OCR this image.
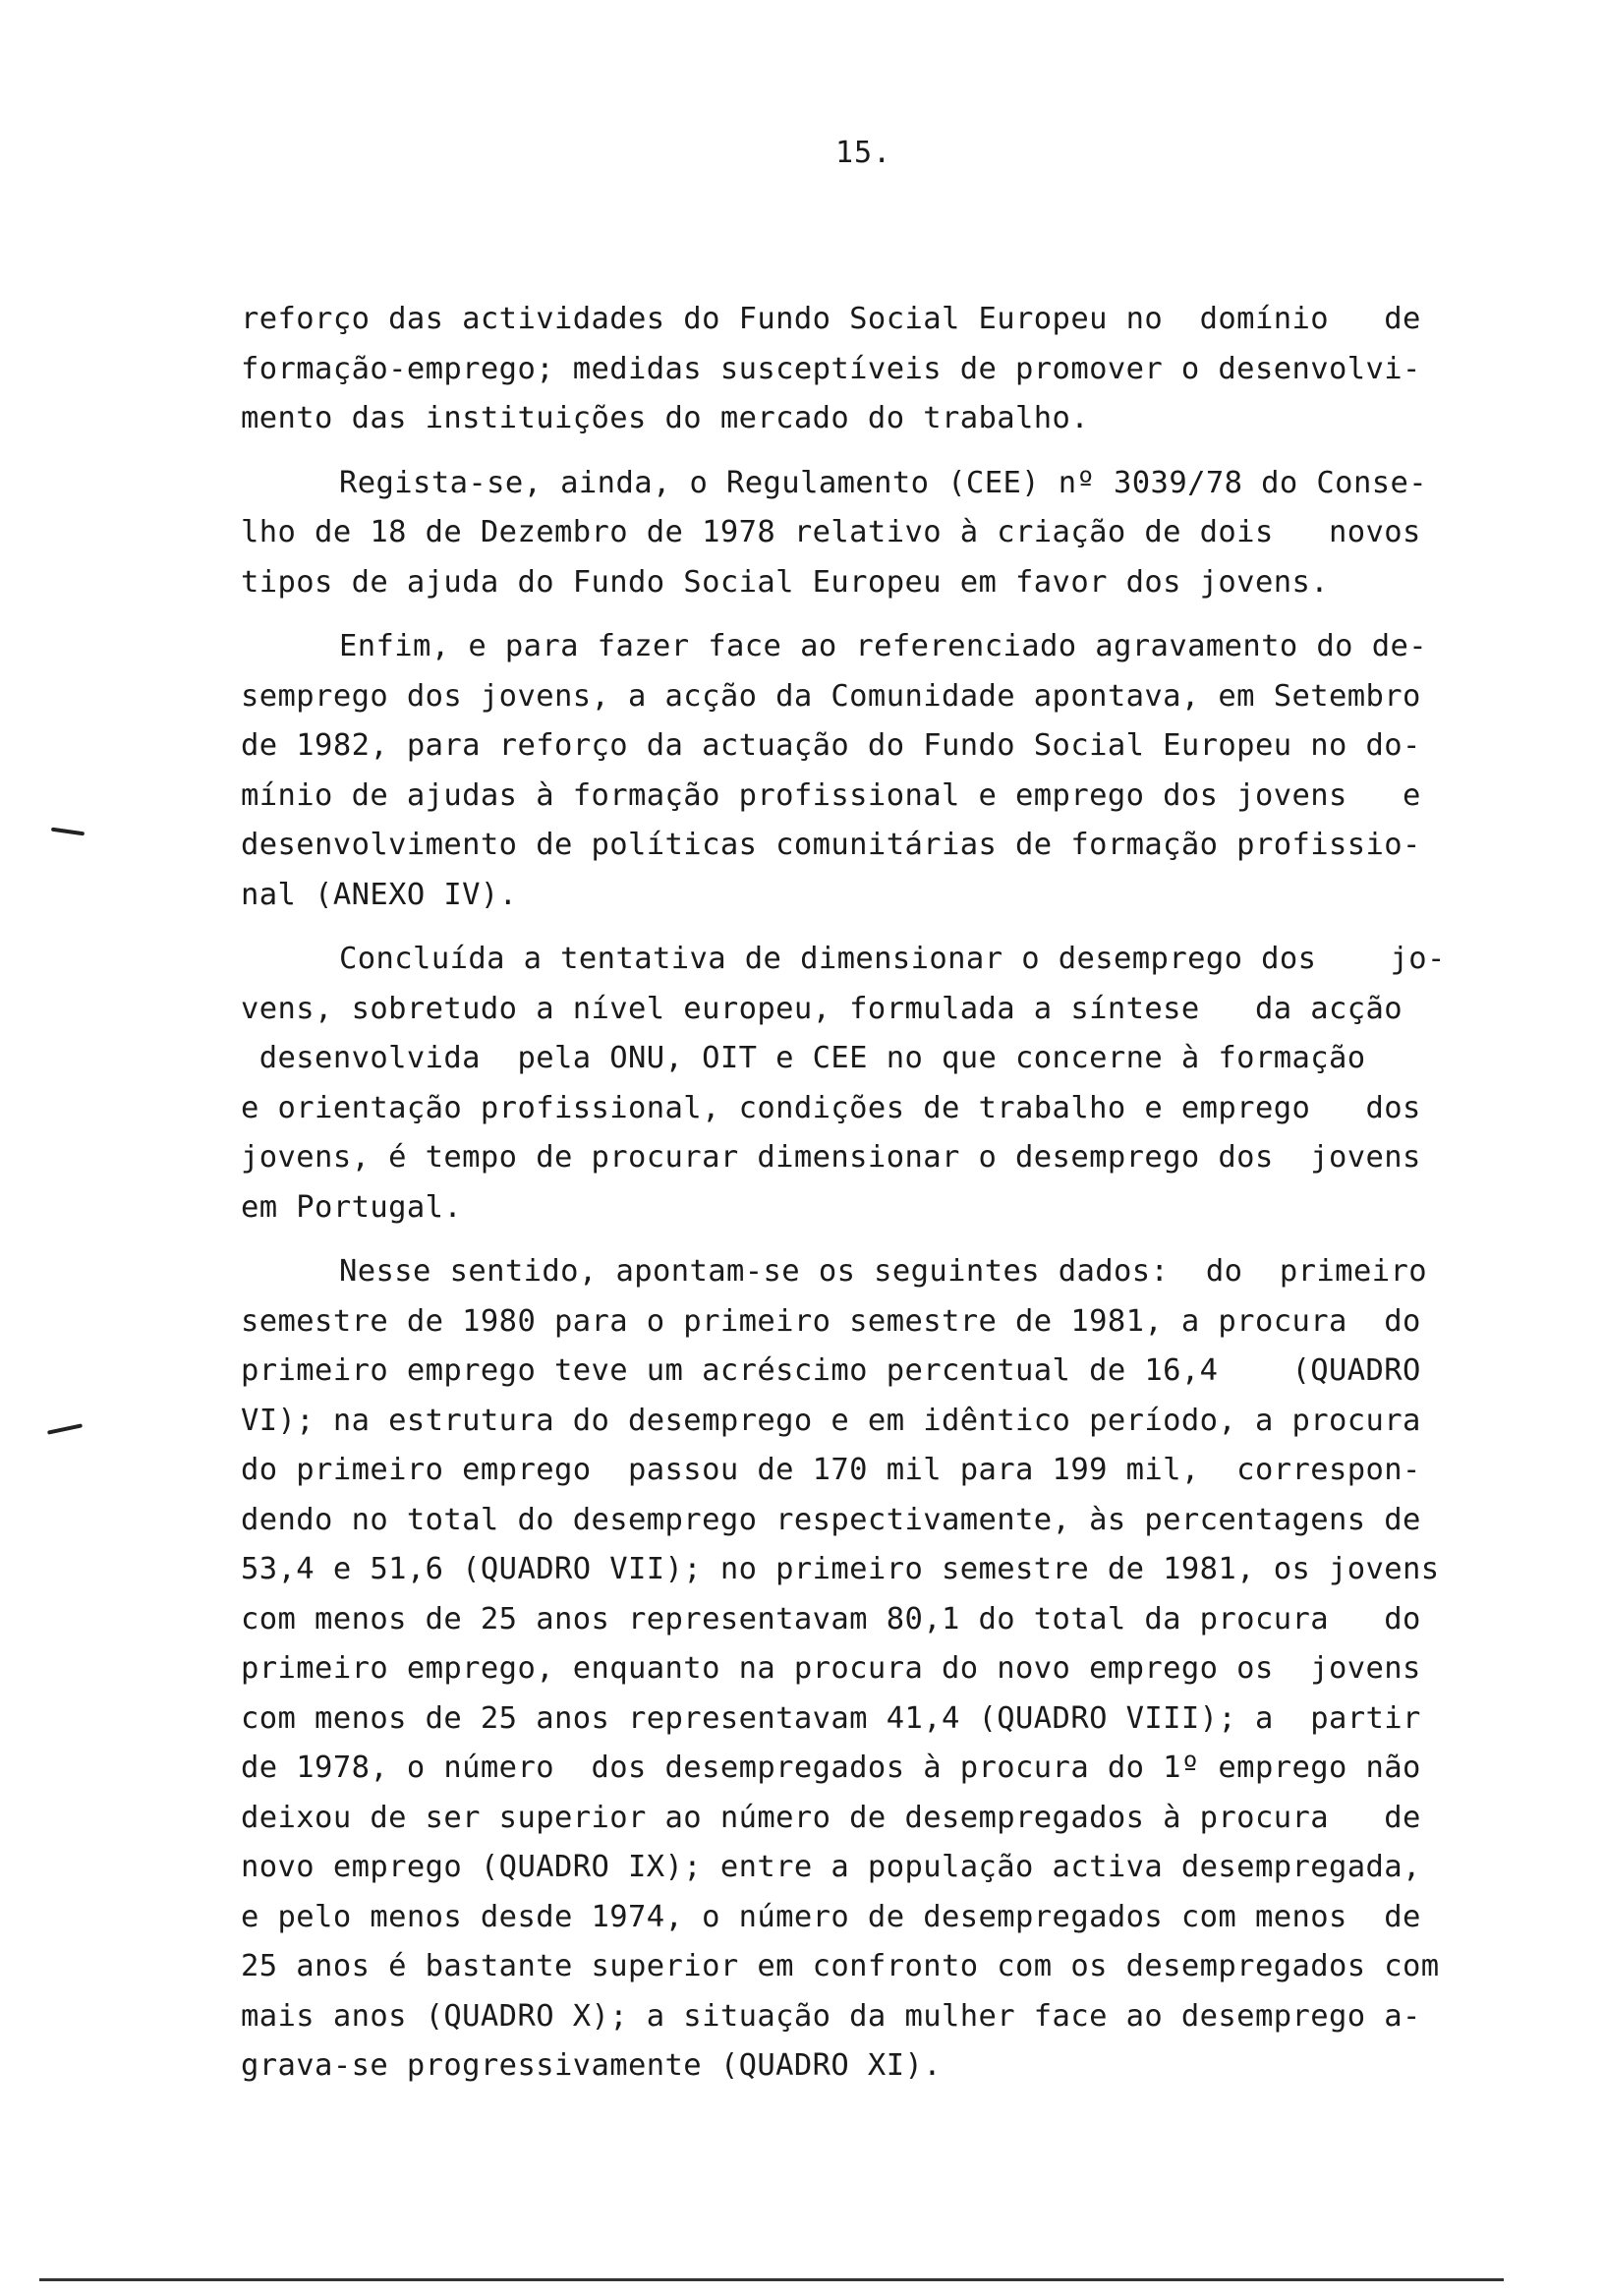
15.
reforço das actividades do Fundo Social Europeu no  domínio   de
formação-emprego; medidas susceptíveis de promover o desenvolvi-
mento das instituições do mercado do trabalho.
Regista-se, ainda, o Regulamento (CEE) nº 3039/78 do Conse-
lho de 18 de Dezembro de 1978 relativo à criação de dois   novos
tipos de ajuda do Fundo Social Europeu em favor dos jovens.
Enfim, e para fazer face ao referenciado agravamento do de-
semprego dos jovens, a acção da Comunidade apontava, em Setembro
de 1982, para reforço da actuação do Fundo Social Europeu no do-
mínio de ajudas à formação profissional e emprego dos jovens   e
desenvolvimento de políticas comunitárias de formação profissio-
nal (ANEXO IV).
Concluída a tentativa de dimensionar o desemprego dos    jo-
vens, sobretudo a nível europeu, formulada a síntese   da acção
desenvolvida  pela ONU, OIT e CEE no que concerne à formação
e orientação profissional, condições de trabalho e emprego   dos
jovens, é tempo de procurar dimensionar o desemprego dos  jovens
em Portugal.
Nesse sentido, apontam-se os seguintes dados:  do  primeiro
semestre de 1980 para o primeiro semestre de 1981, a procura  do
primeiro emprego teve um acréscimo percentual de 16,4    (QUADRO
VI); na estrutura do desemprego e em idêntico período, a procura
do primeiro emprego  passou de 170 mil para 199 mil,  correspon-
dendo no total do desemprego respectivamente, às percentagens de
53,4 e 51,6 (QUADRO VII); no primeiro semestre de 1981, os jovens
com menos de 25 anos representavam 80,1 do total da procura   do
primeiro emprego, enquanto na procura do novo emprego os  jovens
com menos de 25 anos representavam 41,4 (QUADRO VIII); a  partir
de 1978, o número  dos desempregados à procura do 1º emprego não
deixou de ser superior ao número de desempregados à procura   de
novo emprego (QUADRO IX); entre a população activa desempregada,
e pelo menos desde 1974, o número de desempregados com menos  de
25 anos é bastante superior em confronto com os desempregados com
mais anos (QUADRO X); a situação da mulher face ao desemprego a-
grava-se progressivamente (QUADRO XI).
